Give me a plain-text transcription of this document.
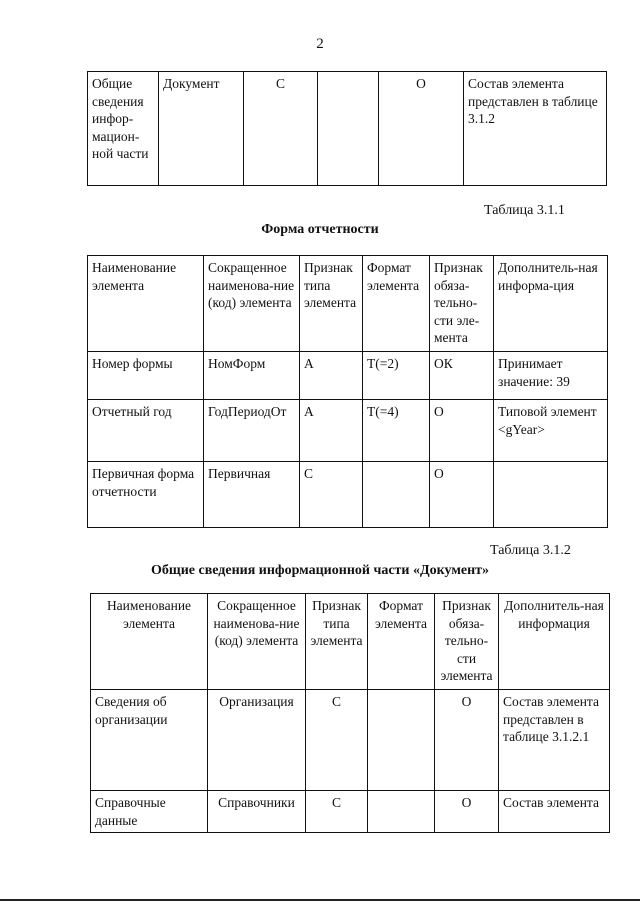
2
Общие сведения инфор-мацион-ной части	Документ	С		О	Состав элемента представлен в таблице 3.1.2
Таблица 3.1.1
Форма отчетности
Наименование элемента	Сокращенное наименова-ние (код) элемента	Признак типа элемента	Формат элемента	Признак обяза-тельно-сти эле-мента	Дополнитель-ная информа-ция
Номер формы	НомФорм	А	Т(=2)	ОК	Принимает значение: 39
Отчетный год	ГодПериодОт	А	Т(=4)	О	Типовой элемент <gYear>
Первичная форма отчетности	Первичная	С		О	
Таблица 3.1.2
Общие сведения информационной части «Документ»
Наименование элемента	Сокращенное наименова-ние (код) элемента	Признак типа элемента	Формат элемента	Признак обяза-тельно-сти элемента	Дополнитель-ная информация
Сведения об организации	Организация	С		О	Состав элемента представлен в таблице 3.1.2.1
Справочные данные	Справочники	С		О	Состав элемента
